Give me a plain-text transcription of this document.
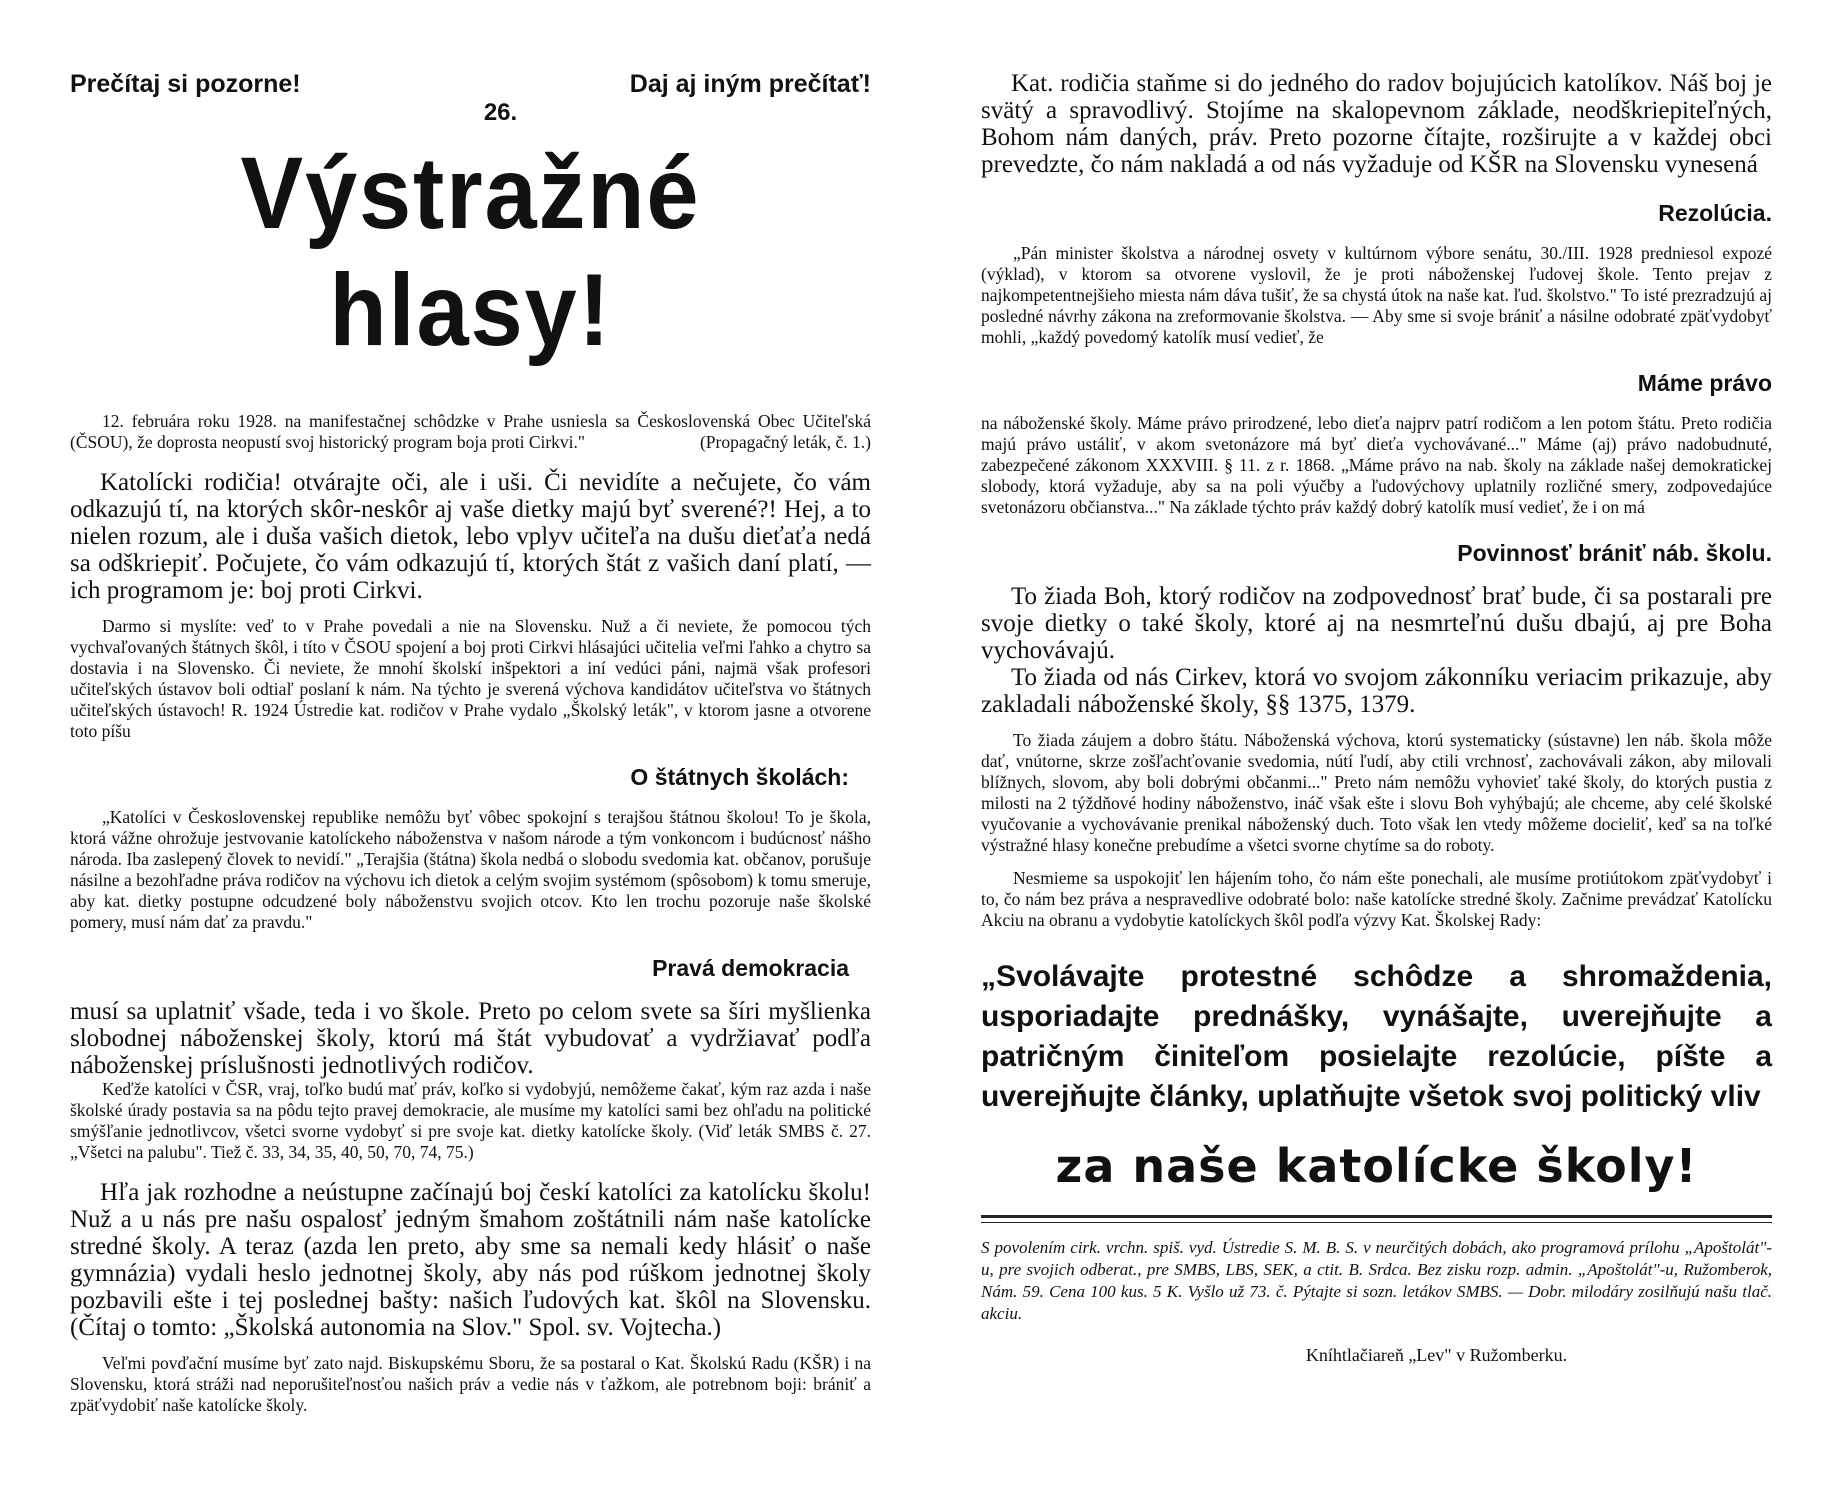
Prečítaj si pozorne!	Daj aj iným prečítať!
26.
Výstražné hlasy!

12. februára roku 1928. na manifestačnej schôdzke v Prahe usniesla sa Československá Obec Učiteľská (ČSOU), že doprosta neopustí svoj historický program boja proti Cirkvi."	(Propagačný leták, č. 1.)

Katolícki rodičia! otvárajte oči, ale i uši. Či nevidíte a nečujete, čo vám odkazujú tí, na ktorých skôr-neskôr aj vaše dietky majú byť sverené?! Hej, a to nielen rozum, ale i duša vašich dietok, lebo vplyv učiteľa na dušu dieťaťa nedá sa odškriepiť. Počujete, čo vám odkazujú tí, ktorých štát z vašich daní platí, — ich programom je: boj proti Cirkvi.

Darmo si myslíte: veď to v Prahe povedali a nie na Slovensku. Nuž a či neviete, že pomocou tých vychvaľovaných štátnych škôl, i títo v ČSOU spojení a boj proti Cirkvi hlásajúci učitelia veľmi ľahko a chytro sa dostavia i na Slovensko. Či neviete, že mnohí školskí inšpektori a iní vedúci páni, najmä však profesori učiteľských ústavov boli odtiaľ poslaní k nám. Na týchto je sverená výchova kandidátov učiteľstva vo štátnych učiteľských ústavoch! R. 1924 Ústredie kat. rodičov v Prahe vydalo „Školský leták", v ktorom jasne a otvorene toto píšu

O štátnych školách:

„Katolíci v Československej republike nemôžu byť vôbec spokojní s terajšou štátnou školou! To je škola, ktorá vážne ohrožuje jestvovanie katolíckeho náboženstva v našom národe a tým vonkoncom i budúcnosť nášho národa. Iba zaslepený človek to nevidí." „Terajšia (štátna) škola nedbá o slobodu svedomia kat. občanov, porušuje násilne a bezohľadne práva rodičov na výchovu ich dietok a celým svojim systémom (spôsobom) k tomu smeruje, aby kat. dietky postupne odcudzené boly náboženstvu svojich otcov. Kto len trochu pozoruje naše školské pomery, musí nám dať za pravdu."

Pravá demokracia

musí sa uplatniť všade, teda i vo škole. Preto po celom svete sa šíri myšlienka slobodnej náboženskej školy, ktorú má štát vybudovať a vydržiavať podľa náboženskej príslušnosti jednotlivých rodičov.

Keďže katolíci v ČSR, vraj, toľko budú mať práv, koľko si vydobyjú, nemôžeme čakať, kým raz azda i naše školské úrady postavia sa na pôdu tejto pravej demokracie, ale musíme my katolíci sami bez ohľadu na politické smýšľanie jednotlivcov, všetci svorne vydobyť si pre svoje kat. dietky katolícke školy. (Viď leták SMBS č. 27. „Všetci na palubu". Tiež č. 33, 34, 35, 40, 50, 70, 74, 75.)

Hľa jak rozhodne a neústupne začínajú boj českí katolíci za katolícku školu! Nuž a u nás pre našu ospalosť jedným šmahom zoštátnili nám naše katolícke stredné školy. A teraz (azda len preto, aby sme sa nemali kedy hlásiť o naše gymnázia) vydali heslo jednotnej školy, aby nás pod rúškom jednotnej školy pozbavili ešte i tej poslednej bašty: našich ľudových kat. škôl na Slovensku. (Čítaj o tomto: „Školská autonomia na Slov." Spol. sv. Vojtecha.)

Veľmi povďační musíme byť zato najd. Biskupskému Sboru, že sa postaral o Kat. Školskú Radu (KŠR) i na Slovensku, ktorá stráži nad neporušiteľnosťou našich práv a vedie nás v ťažkom, ale potrebnom boji: brániť a zpäťvydobiť naše katolícke školy.

Kat. rodičia staňme si do jedného do radov bojujúcich katolíkov. Náš boj je svätý a spravodlivý. Stojíme na skalopevnom základe, neodškriepiteľných, Bohom nám daných, práv. Preto pozorne čítajte, rozširujte a v každej obci prevedzte, čo nám nakladá a od nás vyžaduje od KŠR na Slovensku vynesená

Rezolúcia.

„Pán minister školstva a národnej osvety v kultúrnom výbore senátu, 30./III. 1928 predniesol expozé (výklad), v ktorom sa otvorene vyslovil, že je proti náboženskej ľudovej škole. Tento prejav z najkompetentnejšieho miesta nám dáva tušiť, že sa chystá útok na naše kat. ľud. školstvo." To isté prezradzujú aj posledné návrhy zákona na zreformovanie školstva. — Aby sme si svoje brániť a násilne odobraté zpäťvydobyť mohli, „každý povedomý katolík musí vedieť, že

Máme právo

na náboženské školy. Máme právo prirodzené, lebo dieťa najprv patrí rodičom a len potom štátu. Preto rodičia majú právo ustáliť, v akom svetonázore má byť dieťa vychovávané..." Máme (aj) právo nadobudnuté, zabezpečené zákonom XXXVIII. § 11. z r. 1868. „Máme právo na nab. školy na základe našej demokratickej slobody, ktorá vyžaduje, aby sa na poli výučby a ľudovýchovy uplatnily rozličné smery, zodpovedajúce svetonázoru občianstva..." Na základe týchto práv každý dobrý katolík musí vedieť, že i on má

Povinnosť brániť náb. školu.

To žiada Boh, ktorý rodičov na zodpovednosť brať bude, či sa postarali pre svoje dietky o také školy, ktoré aj na nesmrteľnú dušu dbajú, aj pre Boha vychovávajú.

To žiada od nás Cirkev, ktorá vo svojom zákonníku veriacim prikazuje, aby zakladali náboženské školy, §§ 1375, 1379.

To žiada záujem a dobro štátu. Náboženská výchova, ktorú systematicky (sústavne) len náb. škola môže dať, vnútorne, skrze zošľachťovanie svedomia, nútí ľudí, aby ctili vrchnosť, zachovávali zákon, aby milovali blížnych, slovom, aby boli dobrými občanmi..." Preto nám nemôžu vyhovieť také školy, do ktorých pustia z milosti na 2 týždňové hodiny náboženstvo, ináč však ešte i slovu Boh vyhýbajú; ale chceme, aby celé školské vyučovanie a vychovávanie prenikal náboženský duch. Toto však len vtedy môžeme docieliť, keď sa na toľké výstražné hlasy konečne prebudíme a všetci svorne chytíme sa do roboty.

Nesmieme sa uspokojiť len hájením toho, čo nám ešte ponechali, ale musíme protiútokom zpäťvydobyť i to, čo nám bez práva a nespravedlive odobraté bolo: naše katolícke stredné školy. Začnime prevádzať Katolícku Akciu na obranu a vydobytie katolíckych škôl podľa výzvy Kat. Školskej Rady:

„Svolávajte protestné schôdze a shromaždenia, usporiadajte prednášky, vynášajte, uverejňujte a patričným činiteľom posielajte rezolúcie, píšte a uverejňujte články, uplatňujte všetok svoj politický vliv
za naše katolícke školy!

S povolením cirk. vrchn. spiš. vyd. Ústredie S. M. B. S. v neurčitých dobách, ako programová prílohu „Apoštolát"-u, pre svojich odberat., pre SMBS, LBS, SEK, a ctit. B. Srdca. Bez zisku rozp. admin. „Apoštolát"-u, Ružomberok, Nám. 59. Cena 100 kus. 5 K. Vyšlo už 73. č. Pýtajte si sozn. letákov SMBS. — Dobr. milodáry zosilňujú našu tlač. akciu.

Kníhtlačiareň „Lev" v Ružomberku.
